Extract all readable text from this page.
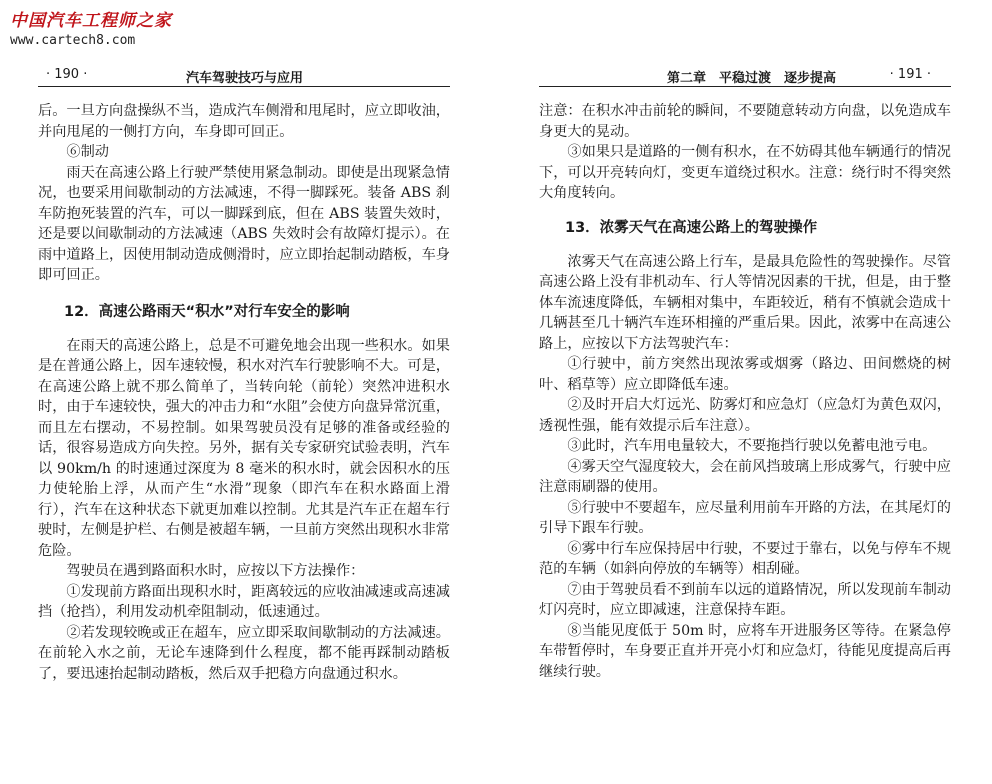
中国汽车工程师之家
www.cartech8.com
· 190 ·	汽车驾驶技巧与应用

后。一旦方向盘操纵不当，造成汽车侧滑和甩尾时，应立即收油，并向甩尾的一侧打方向，车身即可回正。

⑥制动

雨天在高速公路上行驶严禁使用紧急制动。即使是出现紧急情况，也要采用间歇制动的方法减速，不得一脚踩死。装备 ABS 刹车防抱死装置的汽车，可以一脚踩到底，但在 ABS 装置失效时，还是要以间歇制动的方法减速（ABS 失效时会有故障灯提示）。在雨中道路上，因使用制动造成侧滑时，应立即抬起制动踏板，车身即可回正。

12．高速公路雨天“积水”对行车安全的影响

在雨天的高速公路上，总是不可避免地会出现一些积水。如果是在普通公路上，因车速较慢，积水对汽车行驶影响不大。可是，在高速公路上就不那么简单了，当转向轮（前轮）突然冲进积水时，由于车速较快，强大的冲击力和“水阻”会使方向盘异常沉重，而且左右摆动，不易控制。如果驾驶员没有足够的准备或经验的话，很容易造成方向失控。另外，据有关专家研究试验表明，汽车以 90km/h 的时速通过深度为 8 毫米的积水时，就会因积水的压力使轮胎上浮，从而产生“水滑”现象（即汽车在积水路面上滑行），汽车在这种状态下就更加难以控制。尤其是汽车正在超车行驶时，左侧是护栏、右侧是被超车辆，一旦前方突然出现积水非常危险。

驾驶员在遇到路面积水时，应按以下方法操作：

①发现前方路面出现积水时，距离较远的应收油减速或高速减挡（抢挡），利用发动机牵阻制动，低速通过。

②若发现较晚或正在超车，应立即采取间歇制动的方法减速。在前轮入水之前，无论车速降到什么程度，都不能再踩制动踏板了，要迅速抬起制动踏板，然后双手把稳方向盘通过积水。

第二章　平稳过渡　逐步提高	· 191 ·

注意：在积水冲击前轮的瞬间，不要随意转动方向盘，以免造成车身更大的晃动。

③如果只是道路的一侧有积水，在不妨碍其他车辆通行的情况下，可以开亮转向灯，变更车道绕过积水。注意：绕行时不得突然大角度转向。

13．浓雾天气在高速公路上的驾驶操作

浓雾天气在高速公路上行车，是最具危险性的驾驶操作。尽管高速公路上没有非机动车、行人等情况因素的干扰，但是，由于整体车流速度降低，车辆相对集中，车距较近，稍有不慎就会造成十几辆甚至几十辆汽车连环相撞的严重后果。因此，浓雾中在高速公路上，应按以下方法驾驶汽车：

①行驶中，前方突然出现浓雾或烟雾（路边、田间燃烧的树叶、稻草等）应立即降低车速。

②及时开启大灯远光、防雾灯和应急灯（应急灯为黄色双闪，透视性强，能有效提示后车注意）。

③此时，汽车用电量较大，不要拖挡行驶以免蓄电池亏电。

④雾天空气湿度较大，会在前风挡玻璃上形成雾气，行驶中应注意雨刷器的使用。

⑤行驶中不要超车，应尽量利用前车开路的方法，在其尾灯的引导下跟车行驶。

⑥雾中行车应保持居中行驶，不要过于靠右，以免与停车不规范的车辆（如斜向停放的车辆等）相刮碰。

⑦由于驾驶员看不到前车以远的道路情况，所以发现前车制动灯闪亮时，应立即减速，注意保持车距。

⑧当能见度低于 50m 时，应将车开进服务区等待。在紧急停车带暂停时，车身要正直并开亮小灯和应急灯，待能见度提高后再继续行驶。
